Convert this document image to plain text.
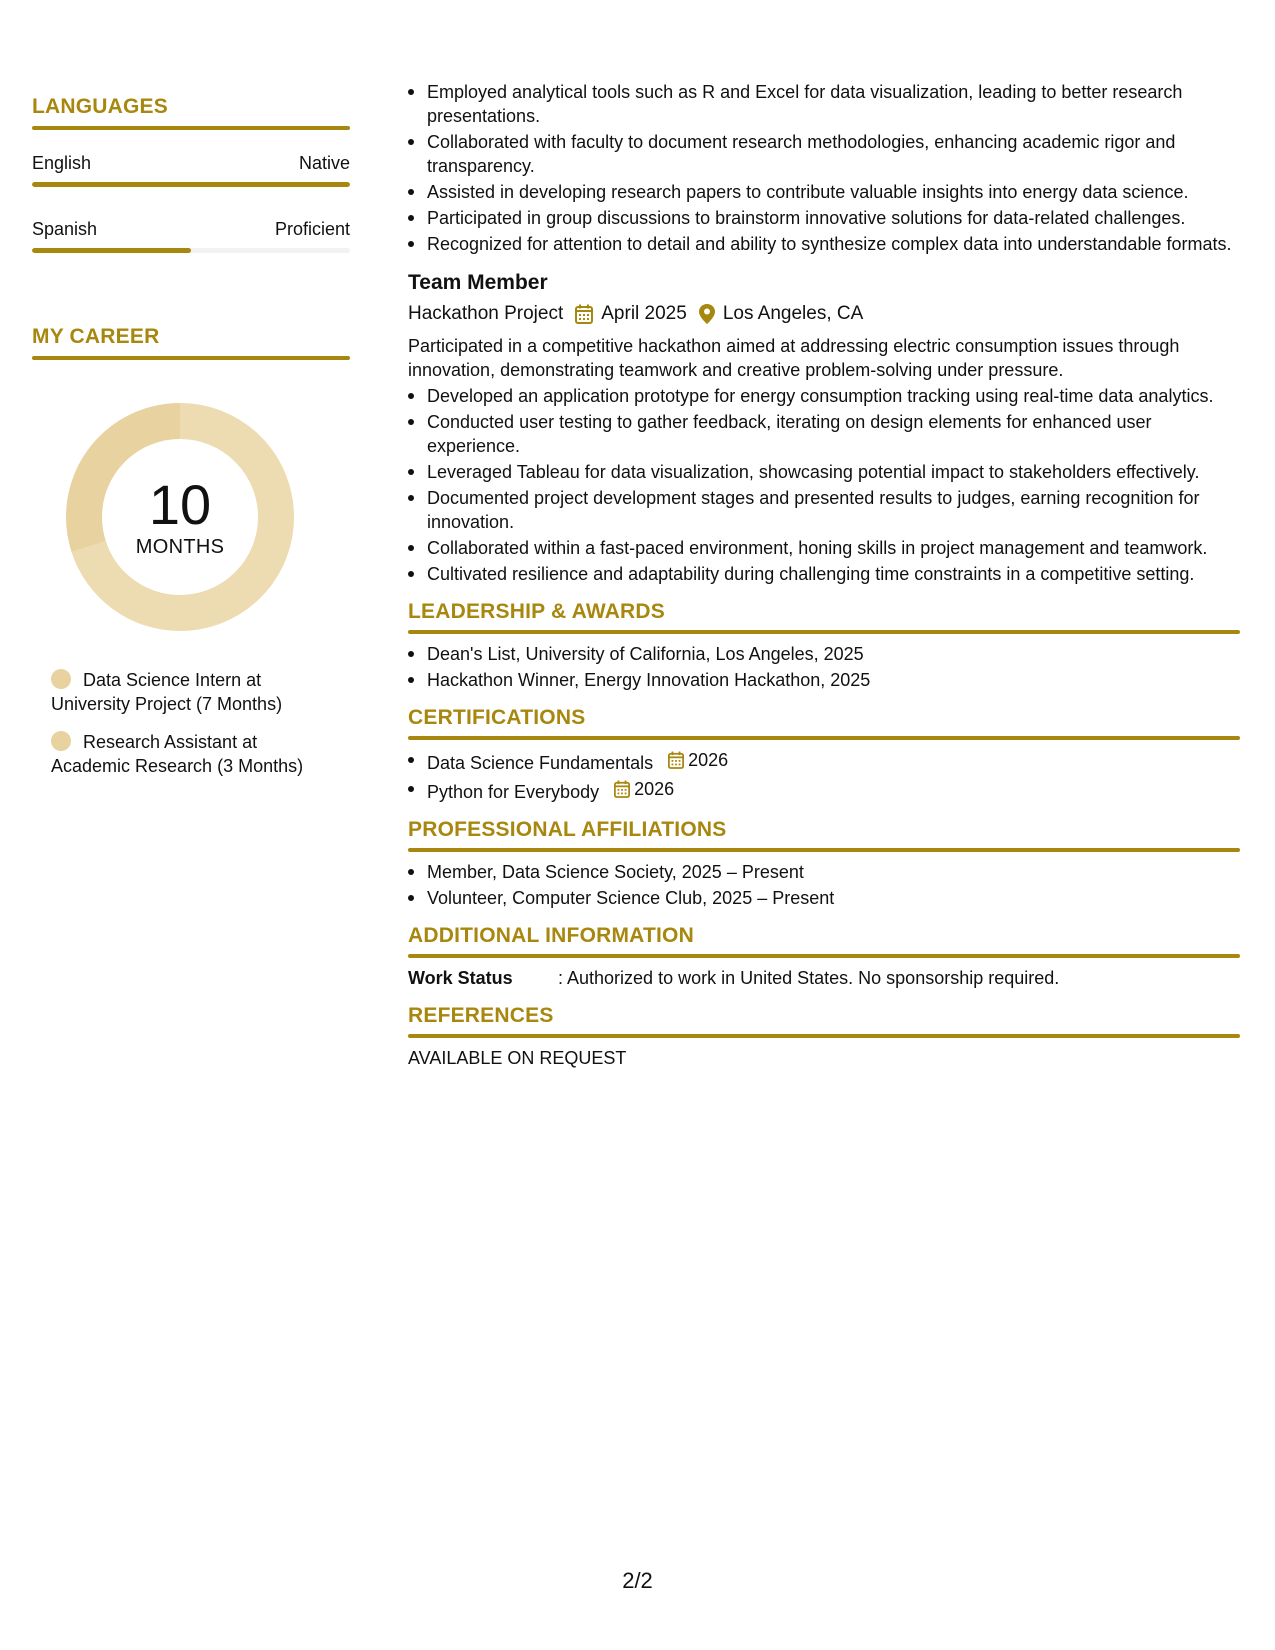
LANGUAGES
English	Native
Spanish	Proficient
MY CAREER
10
MONTHS
Data Science Intern at
University Project (7 Months)
Research Assistant at
Academic Research (3 Months)
Employed analytical tools such as R and Excel for data visualization, leading to better research presentations.
Collaborated with faculty to document research methodologies, enhancing academic rigor and transparency.
Assisted in developing research papers to contribute valuable insights into energy data science.
Participated in group discussions to brainstorm innovative solutions for data-related challenges.
Recognized for attention to detail and ability to synthesize complex data into understandable formats.
Team Member
Hackathon Project April 2025 Los Angeles, CA
Participated in a competitive hackathon aimed at addressing electric consumption issues through innovation, demonstrating teamwork and creative problem-solving under pressure.
Developed an application prototype for energy consumption tracking using real-time data analytics.
Conducted user testing to gather feedback, iterating on design elements for enhanced user experience.
Leveraged Tableau for data visualization, showcasing potential impact to stakeholders effectively.
Documented project development stages and presented results to judges, earning recognition for innovation.
Collaborated within a fast-paced environment, honing skills in project management and teamwork.
Cultivated resilience and adaptability during challenging time constraints in a competitive setting.
LEADERSHIP & AWARDS
Dean's List, University of California, Los Angeles, 2025
Hackathon Winner, Energy Innovation Hackathon, 2025
CERTIFICATIONS
Data Science Fundamentals 2026
Python for Everybody 2026
PROFESSIONAL AFFILIATIONS
Member, Data Science Society, 2025 – Present
Volunteer, Computer Science Club, 2025 – Present
ADDITIONAL INFORMATION
Work Status	: Authorized to work in United States. No sponsorship required.
REFERENCES
AVAILABLE ON REQUEST
2/2
